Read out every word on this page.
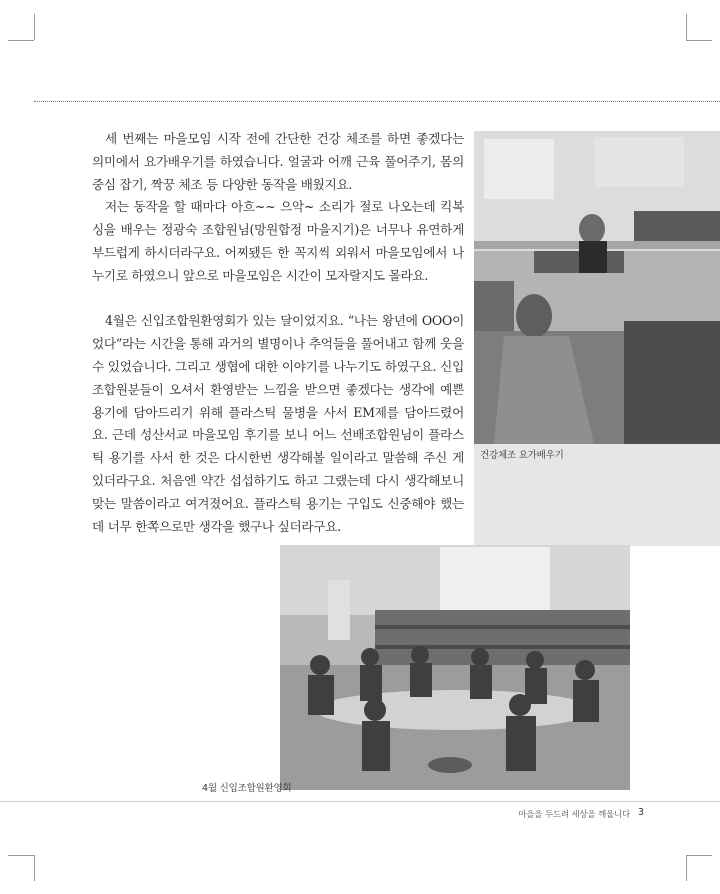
세 번째는 마을모임 시작 전에 간단한 건강 체조를 하면 좋겠다는 의미에서 요가배우기를 하였습니다. 얼굴과 어깨 근육 풀어주기, 몸의 중심 잡기, 짝꿍 체조 등 다양한 동작을 배웠지요.

저는 동작을 할 때마다 아흐~~ 으악~ 소리가 절로 나오는데 킥복싱을 배우는 정광숙 조합원님(망원합정 마을지기)은 너무나 유연하게 부드럽게 하시더라구요. 어찌됐든 한 꼭지씩 외워서 마을모임에서 나누기로 하였으니 앞으로 마을모임은 시간이 모자랄지도 몰라요.

4월은 신입조합원환영회가 있는 달이었지요. “나는 왕년에 OOO이었다”라는 시간을 통해 과거의 별명이나 추억들을 풀어내고 함께 웃을 수 있었습니다. 그리고 생협에 대한 이야기를 나누기도 하였구요. 신입조합원분들이 오셔서 환영받는 느낌을 받으면 좋겠다는 생각에 예쁜 용기에 담아드리기 위해 플라스틱 물병을 사서 EM제를 담아드렸어요. 근데 성산서교 마을모임 후기를 보니 어느 선배조합원님이 플라스틱 용기를 사서 한 것은 다시한번 생각해볼 일이라고 말씀해 주신 게 있더라구요. 처음엔 약간 섭섭하기도 하고 그랬는데 다시 생각해보니 맞는 말씀이라고 여겨졌어요. 플라스틱 용기는 구입도 신중해야 했는데 너무 한쪽으로만 생각을 했구나 싶더라구요.

건강체조 요가배우기
4월 신입조합원환영회
마을을 두드려 세상을 깨웁니다 3
